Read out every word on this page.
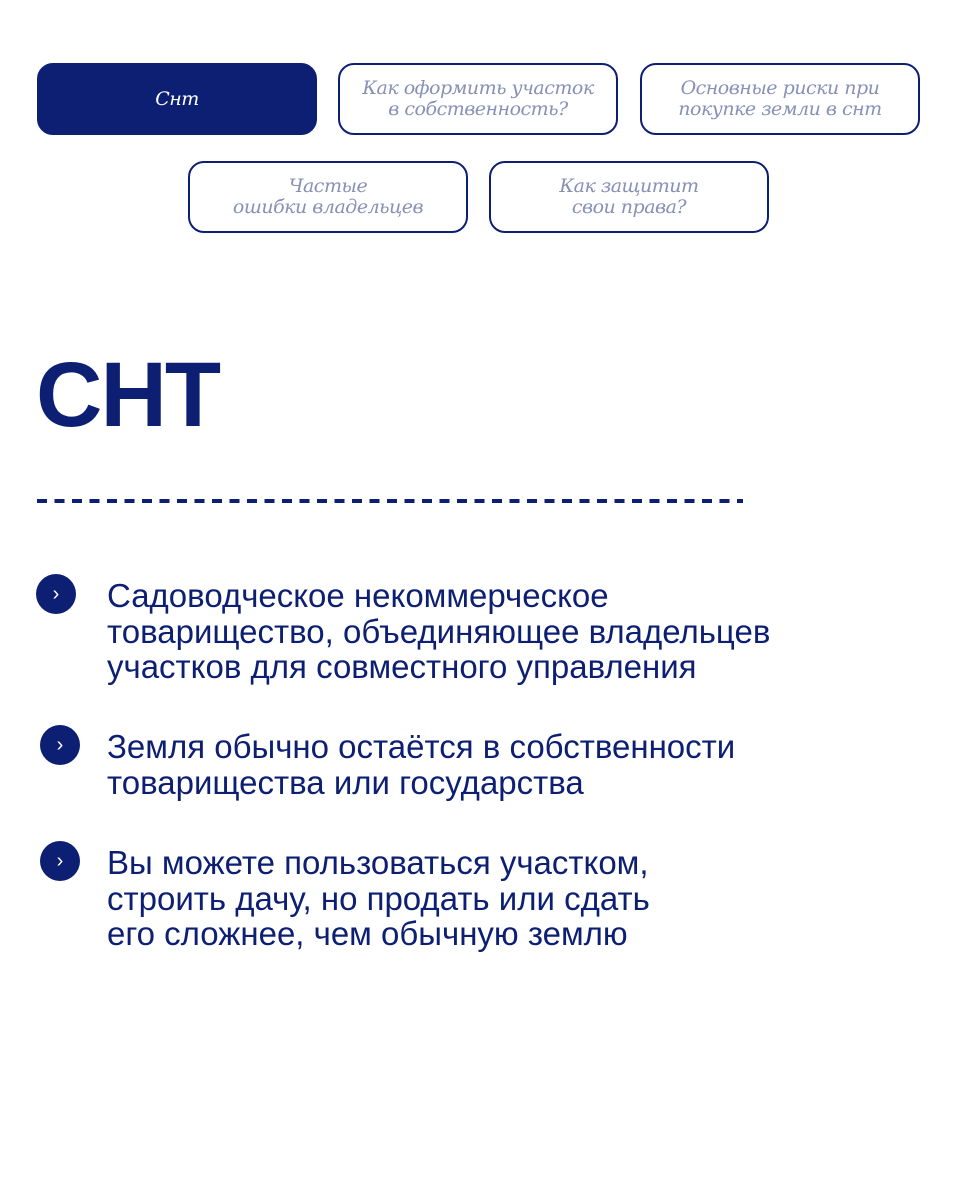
Снт	Как оформить участок
в собственность?
Основные риски при
покупке земли в снт
Частые
ошибки владельцев
Как защитит
свои права?
СНТ
›	Садоводческое некоммерческое
товарищество, объединяющее владельцев
участков для совместного управления
›	Земля обычно остаётся в собственности
товарищества или государства
›	Вы можете пользоваться участком,
строить дачу, но продать или сдать
его сложнее, чем обычную землю
